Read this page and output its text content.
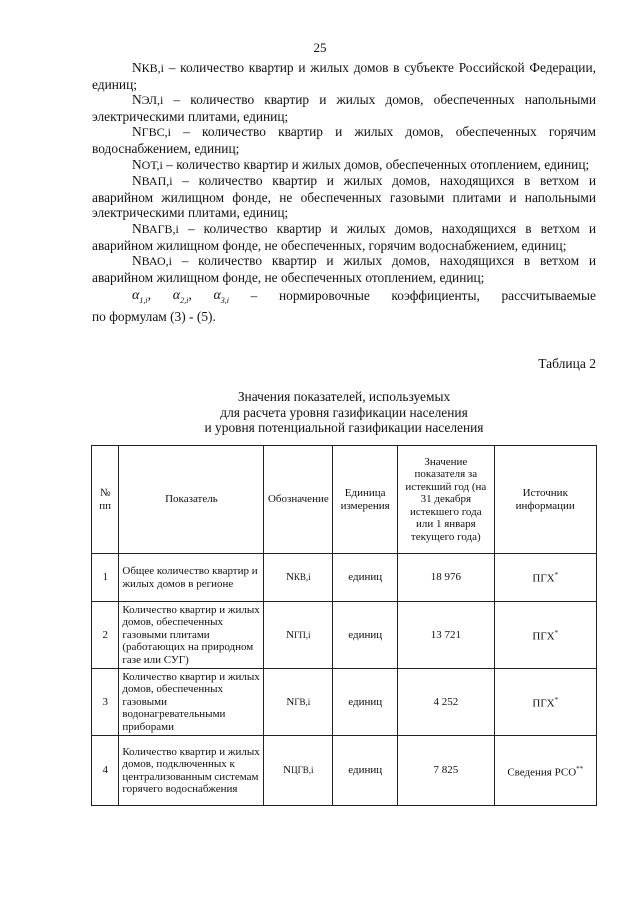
25

NКВ,i – количество квартир и жилых домов в субъекте Российской Федерации, единиц;

NЭЛ,i – количество квартир и жилых домов, обеспеченных напольными электрическими плитами, единиц;

NГВС,i – количество квартир и жилых домов, обеспеченных горячим водоснабжением, единиц;

NОТ,i – количество квартир и жилых домов, обеспеченных отоплением, единиц;

NВАП,i – количество квартир и жилых домов, находящихся в ветхом и аварийном жилищном фонде, не обеспеченных газовыми плитами и напольными электрическими плитами, единиц;

NВАГВ,i – количество квартир и жилых домов, находящихся в ветхом и аварийном жилищном фонде, не обеспеченных, горячим водоснабжением, единиц;

NВАО,i – количество квартир и жилых домов, находящихся в ветхом и аварийном жилищном фонде, не обеспеченных отоплением, единиц;

$\alpha_{1,i}$, $\alpha_{2,i}$, $\alpha_{3,i}$ – нормировочные коэффициенты, рассчитываемые

по формулам (3) - (5).

Таблица 2
Значения показателей, используемых
для расчета уровня газификации населения
и уровня потенциальной газификации населения
№ пп	Показатель	Обозначение	Единица измерения	Значение показателя за истекший год (на 31 декабря истекшего года или 1 января текущего года)	Источник информации
1	Общее количество квартир и жилых домов в регионе	NКВ,i	единиц	18 976	ПГХ*
2	Количество квартир и жилых домов, обеспеченных газовыми плитами (работающих на природном газе или СУГ)	NГП,i	единиц	13 721	ПГХ*
3	Количество квартир и жилых домов, обеспеченных газовыми водонагревательными приборами	NГВ,i	единиц	4 252	ПГХ*
4	Количество квартир и жилых домов, подключенных к централизованным системам горячего водоснабжения	NЦГВ,i	единиц	7 825	Сведения РСО**
